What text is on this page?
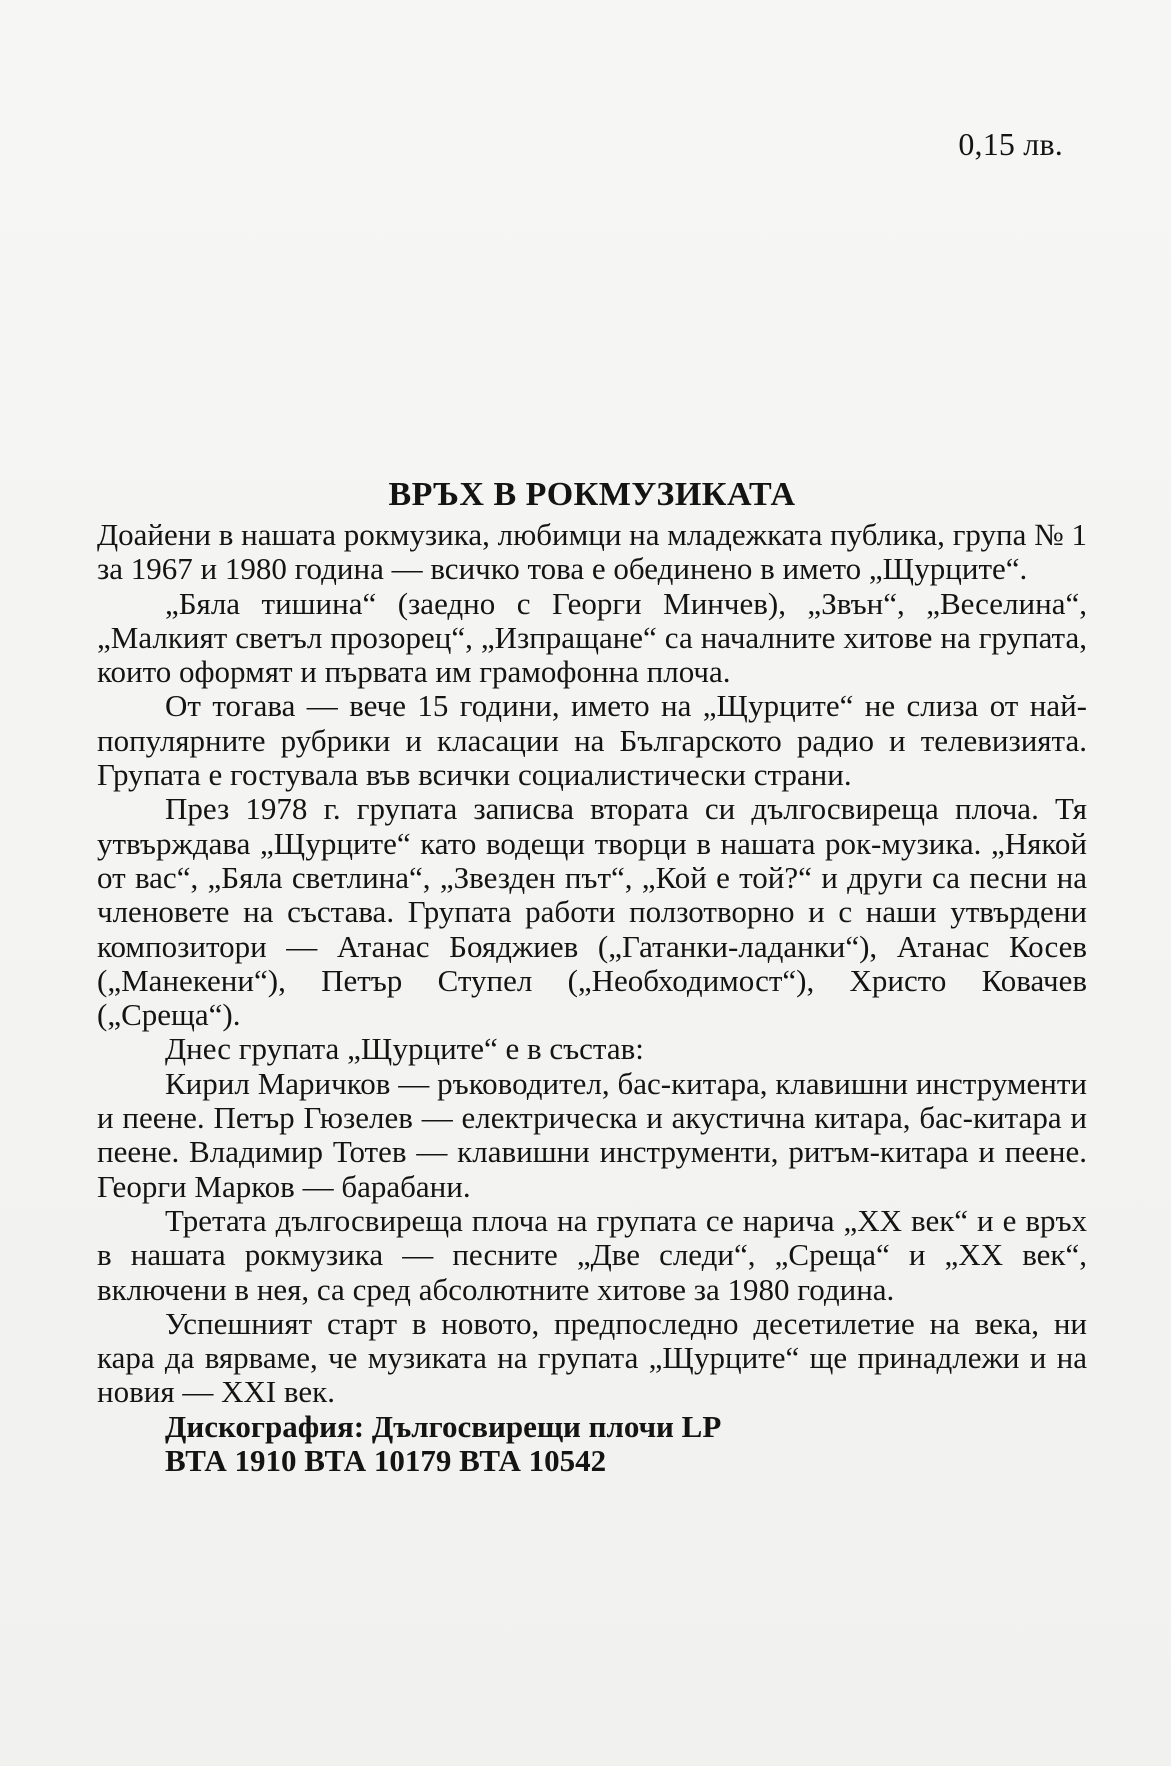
0,15 лв.
ВРЪХ В РОКМУЗИКАТА

Доайени в нашата рокмузика, любимци на младежката публика, група № 1 за 1967 и 1980 година — всичко това е обединено в името „Щурците“.

„Бяла тишина“ (заедно с Георги Минчев), „Звън“, „Веселина“, „Малкият светъл прозорец“, „Изпращане“ са началните хитове на групата, които оформят и първата им грамофонна плоча.

От тогава — вече 15 години, името на „Щурците“ не слиза от най-популярните рубрики и класации на Българското радио и телевизията. Групата е гостувала във всички социалистически страни.

През 1978 г. групата записва втората си дългосвиреща плоча. Тя утвърждава „Щурците“ като водещи творци в нашата рок-музика. „Някой от вас“, „Бяла светлина“, „Звезден път“, „Кой е той?“ и други са песни на членовете на състава. Групата работи ползотворно и с наши утвърдени композитори — Атанас Бояджиев („Гатанки-ладанки“), Атанас Косев („Манекени“), Петър Ступел („Необходимост“), Христо Ковачев („Среща“).

Днес групата „Щурците“ е в състав:

Кирил Маричков — ръководител, бас-китара, клавишни инструменти и пеене. Петър Гюзелев — електрическа и акустична китара, бас-китара и пеене. Владимир Тотев — клавишни инструменти, ритъм-китара и пеене. Георги Марков — барабани.

Третата дългосвиреща плоча на групата се нарича „XX век“ и е връх в нашата рокмузика — песните „Две следи“, „Среща“ и „XX век“, включени в нея, са сред абсолютните хитове за 1980 година.

Успешният старт в новото, предпоследно десетилетие на века, ни кара да вярваме, че музиката на групата „Щурците“ ще принадлежи и на новия — XXI век.

Дискография: Дългосвирещи плочи LP

ВТА 1910 ВТА 10179 ВТА 10542
